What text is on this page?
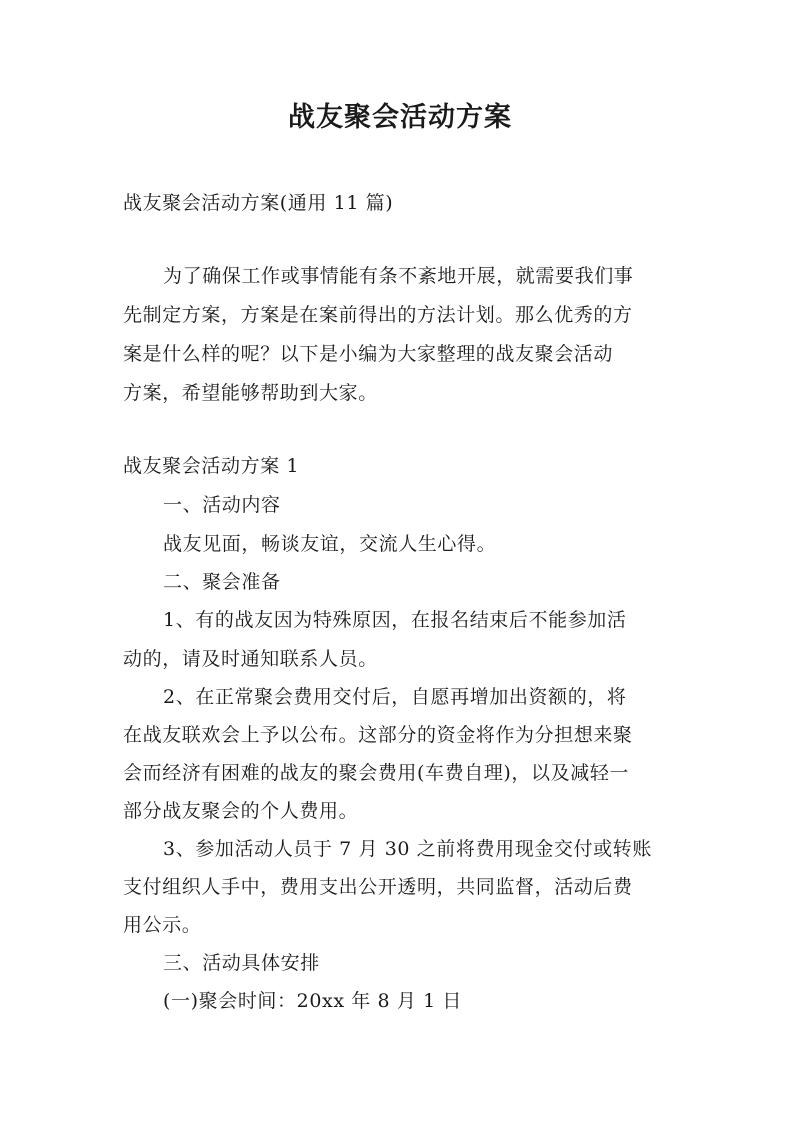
战友聚会活动方案
战友聚会活动方案(通用 11 篇)
为了确保工作或事情能有条不紊地开展，就需要我们事
先制定方案，方案是在案前得出的方法计划。那么优秀的方
案是什么样的呢？以下是小编为大家整理的战友聚会活动
方案，希望能够帮助到大家。
战友聚会活动方案 1
一、活动内容
战友见面，畅谈友谊，交流人生心得。
二、聚会准备
1、有的战友因为特殊原因，在报名结束后不能参加活
动的，请及时通知联系人员。
2、在正常聚会费用交付后，自愿再增加出资额的，将
在战友联欢会上予以公布。这部分的资金将作为分担想来聚
会而经济有困难的战友的聚会费用(车费自理)，以及减轻一
部分战友聚会的个人费用。
3、参加活动人员于 7 月 30 之前将费用现金交付或转账
支付组织人手中，费用支出公开透明，共同监督，活动后费
用公示。
三、活动具体安排
(一)聚会时间：20xx 年 8 月 1 日
